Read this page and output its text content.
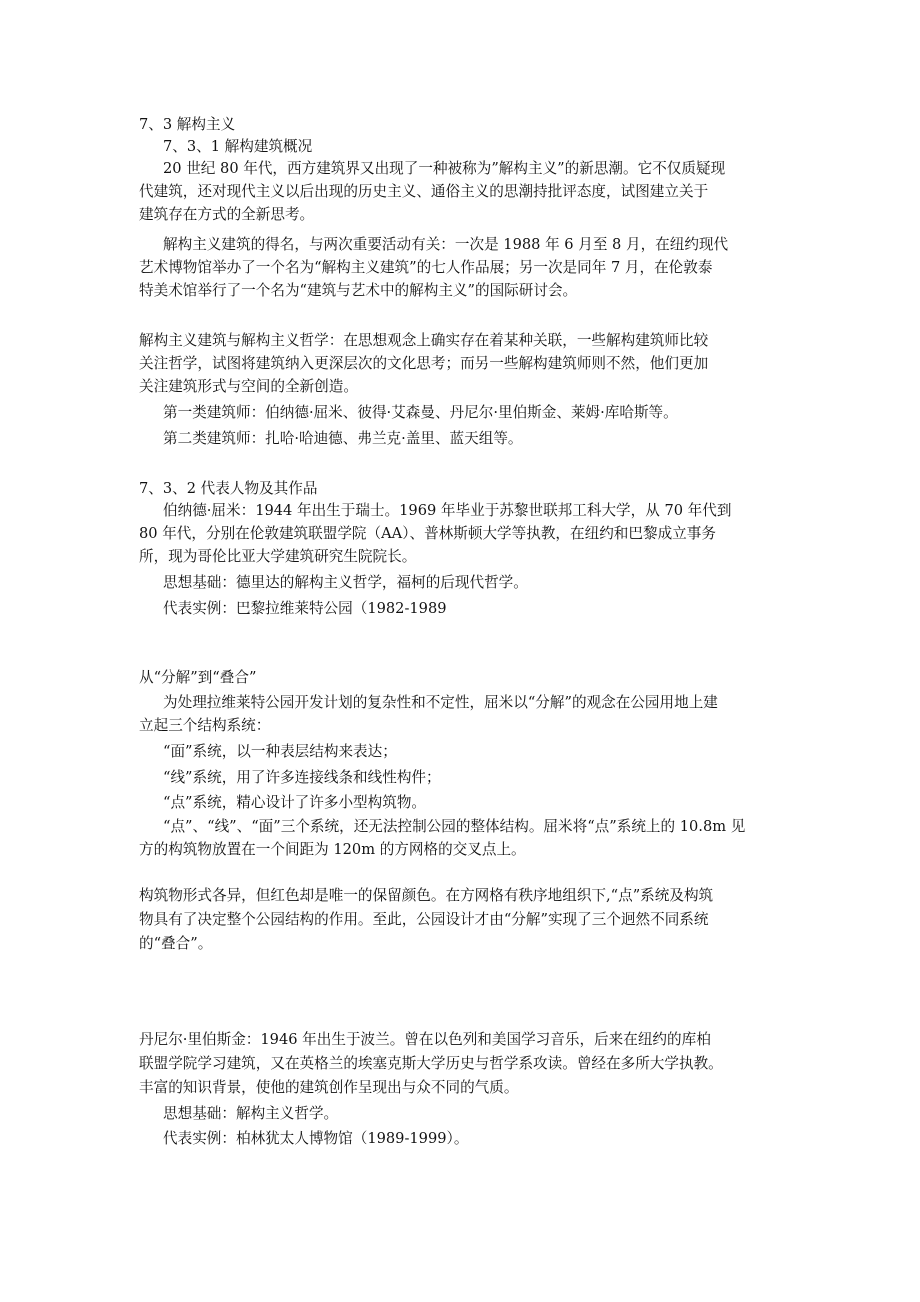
7、3 解构主义
7、3、1 解构建筑概况
20 世纪 80 年代，西方建筑界又出现了一种被称为”解构主义”的新思潮。它不仅质疑现
代建筑，还对现代主义以后出现的历史主义、通俗主义的思潮持批评态度，试图建立关于
建筑存在方式的全新思考。
解构主义建筑的得名，与两次重要活动有关：一次是 1988 年 6 月至 8 月，在纽约现代
艺术博物馆举办了一个名为“解构主义建筑”的七人作品展；另一次是同年 7 月，在伦敦泰
特美术馆举行了一个名为“建筑与艺术中的解构主义”的国际研讨会。
解构主义建筑与解构主义哲学：在思想观念上确实存在着某种关联，一些解构建筑师比较
关注哲学，试图将建筑纳入更深层次的文化思考；而另一些解构建筑师则不然，他们更加
关注建筑形式与空间的全新创造。
第一类建筑师：伯纳德·屈米、彼得·艾森曼、丹尼尔·里伯斯金、莱姆·库哈斯等。
第二类建筑师：扎哈·哈迪德、弗兰克·盖里、蓝天组等。
7、3、2 代表人物及其作品
伯纳德·屈米：1944 年出生于瑞士。1969 年毕业于苏黎世联邦工科大学，从 70 年代到
80 年代，分别在伦敦建筑联盟学院（AA）、普林斯顿大学等执教，在纽约和巴黎成立事务
所，现为哥伦比亚大学建筑研究生院院长。
思想基础：德里达的解构主义哲学，福柯的后现代哲学。
代表实例：巴黎拉维莱特公园（1982-1989
从“分解”到“叠合”
为处理拉维莱特公园开发计划的复杂性和不定性，屈米以“分解”的观念在公园用地上建
立起三个结构系统：
“面”系统，以一种表层结构来表达；
“线”系统，用了许多连接线条和线性构件；
“点”系统，精心设计了许多小型构筑物。
“点”、“线”、“面”三个系统，还无法控制公园的整体结构。屈米将“点”系统上的 10.8m 见
方的构筑物放置在一个间距为 120m 的方网格的交叉点上。
构筑物形式各异，但红色却是唯一的保留颜色。在方网格有秩序地组织下,“点”系统及构筑
物具有了决定整个公园结构的作用。至此，公园设计才由“分解”实现了三个迥然不同系统
的“叠合”。
丹尼尔·里伯斯金：1946 年出生于波兰。曾在以色列和美国学习音乐，后来在纽约的库柏
联盟学院学习建筑，又在英格兰的埃塞克斯大学历史与哲学系攻读。曾经在多所大学执教。
丰富的知识背景，使他的建筑创作呈现出与众不同的气质。
思想基础：解构主义哲学。
代表实例：柏林犹太人博物馆（1989-1999）。
